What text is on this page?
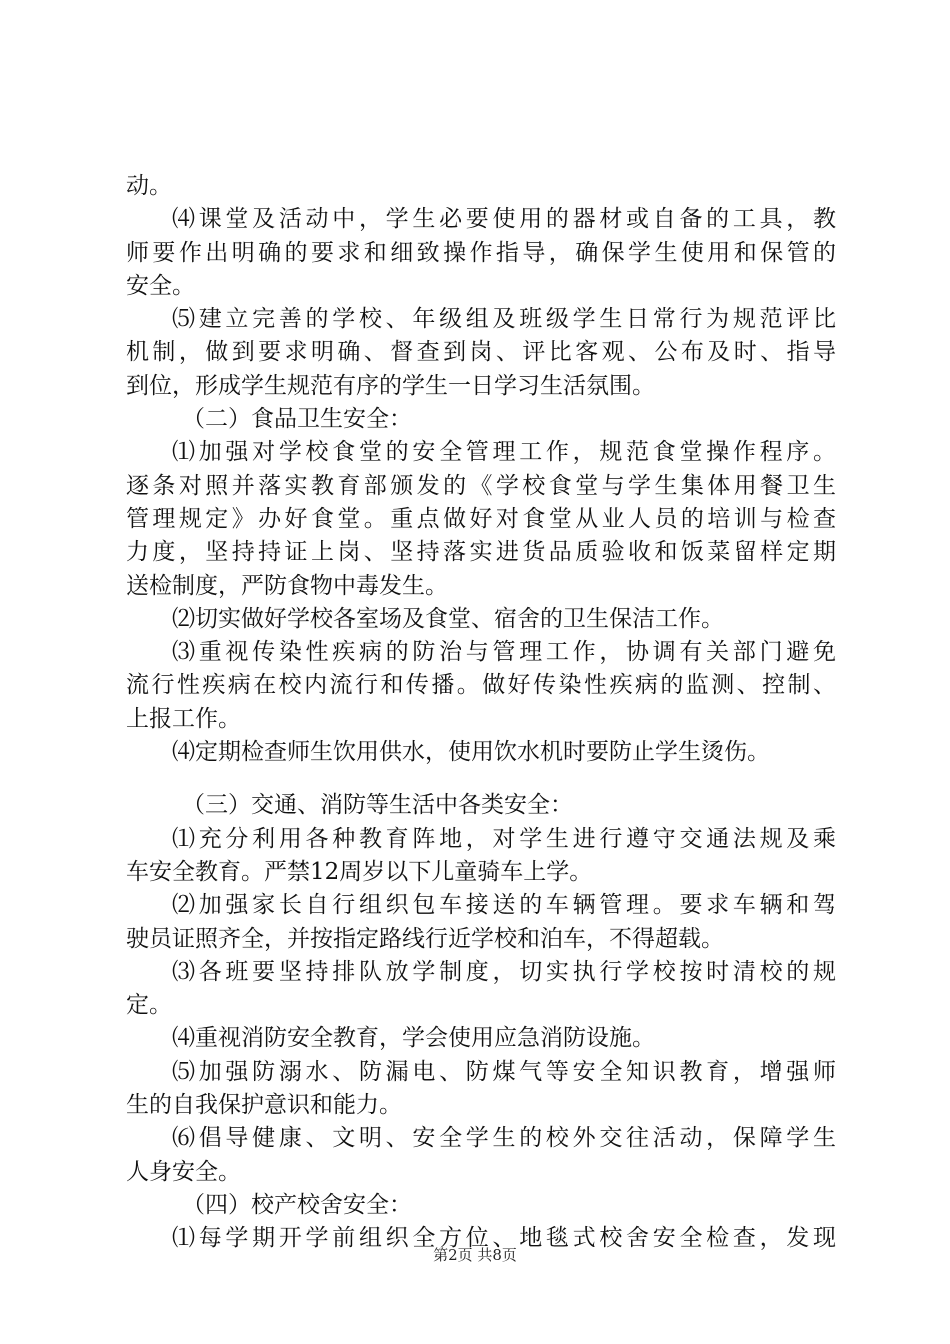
动。
⑷课堂及活动中，学生必要使用的器材或自备的工具，教
师要作出明确的要求和细致操作指导，确保学生使用和保管的
安全。
⑸建立完善的学校、年级组及班级学生日常行为规范评比
机制，做到要求明确、督查到岗、评比客观、公布及时、指导
到位，形成学生规范有序的学生一日学习生活氛围。
（二）食品卫生安全：
⑴加强对学校食堂的安全管理工作，规范食堂操作程序。
逐条对照并落实教育部颁发的《学校食堂与学生集体用餐卫生
管理规定》办好食堂。重点做好对食堂从业人员的培训与检查
力度，坚持持证上岗、坚持落实进货品质验收和饭菜留样定期
送检制度，严防食物中毒发生。
⑵切实做好学校各室场及食堂、宿舍的卫生保洁工作。
⑶重视传染性疾病的防治与管理工作，协调有关部门避免
流行性疾病在校内流行和传播。做好传染性疾病的监测、控制、
上报工作。
⑷定期检查师生饮用供水，使用饮水机时要防止学生烫伤。
（三）交通、消防等生活中各类安全：
⑴充分利用各种教育阵地，对学生进行遵守交通法规及乘
车安全教育。严禁12周岁以下儿童骑车上学。
⑵加强家长自行组织包车接送的车辆管理。要求车辆和驾
驶员证照齐全，并按指定路线行近学校和泊车，不得超载。
⑶各班要坚持排队放学制度，切实执行学校按时清校的规
定。
⑷重视消防安全教育，学会使用应急消防设施。
⑸加强防溺水、防漏电、防煤气等安全知识教育，增强师
生的自我保护意识和能力。
⑹倡导健康、文明、安全学生的校外交往活动，保障学生
人身安全。
（四）校产校舍安全：
⑴每学期开学前组织全方位、地毯式校舍安全检查，发现
第2页 共8页
